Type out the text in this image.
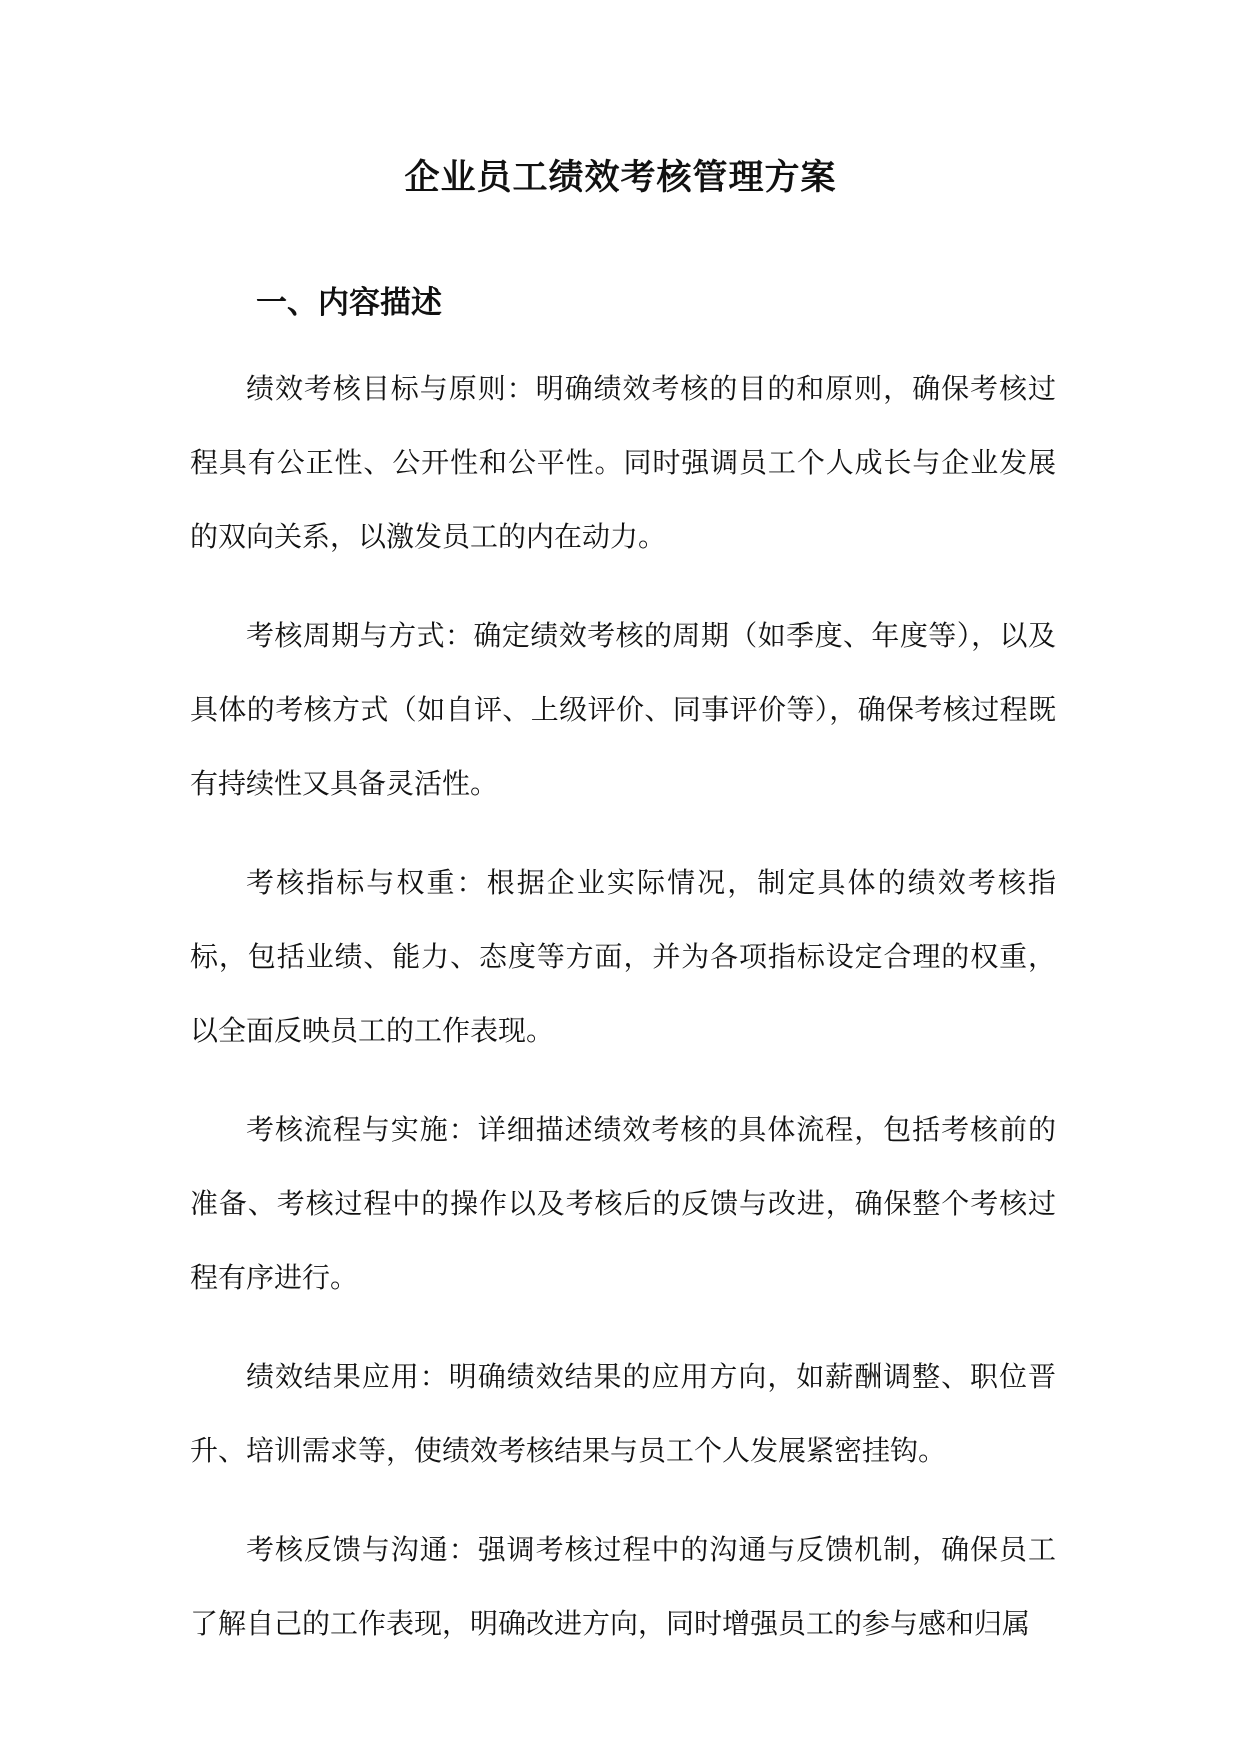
企业员工绩效考核管理方案
一、内容描述

绩效考核目标与原则：明确绩效考核的目的和原则，确保考核过程具有公正性、公开性和公平性。同时强调员工个人成长与企业发展的双向关系，以激发员工的内在动力。

考核周期与方式：确定绩效考核的周期（如季度、年度等），以及具体的考核方式（如自评、上级评价、同事评价等），确保考核过程既有持续性又具备灵活性。

考核指标与权重：根据企业实际情况，制定具体的绩效考核指标，包括业绩、能力、态度等方面，并为各项指标设定合理的权重，以全面反映员工的工作表现。

考核流程与实施：详细描述绩效考核的具体流程，包括考核前的准备、考核过程中的操作以及考核后的反馈与改进，确保整个考核过程有序进行。

绩效结果应用：明确绩效结果的应用方向，如薪酬调整、职位晋升、培训需求等，使绩效考核结果与员工个人发展紧密挂钩。

考核反馈与沟通：强调考核过程中的沟通与反馈机制，确保员工了解自己的工作表现，明确改进方向，同时增强员工的参与感和归属
